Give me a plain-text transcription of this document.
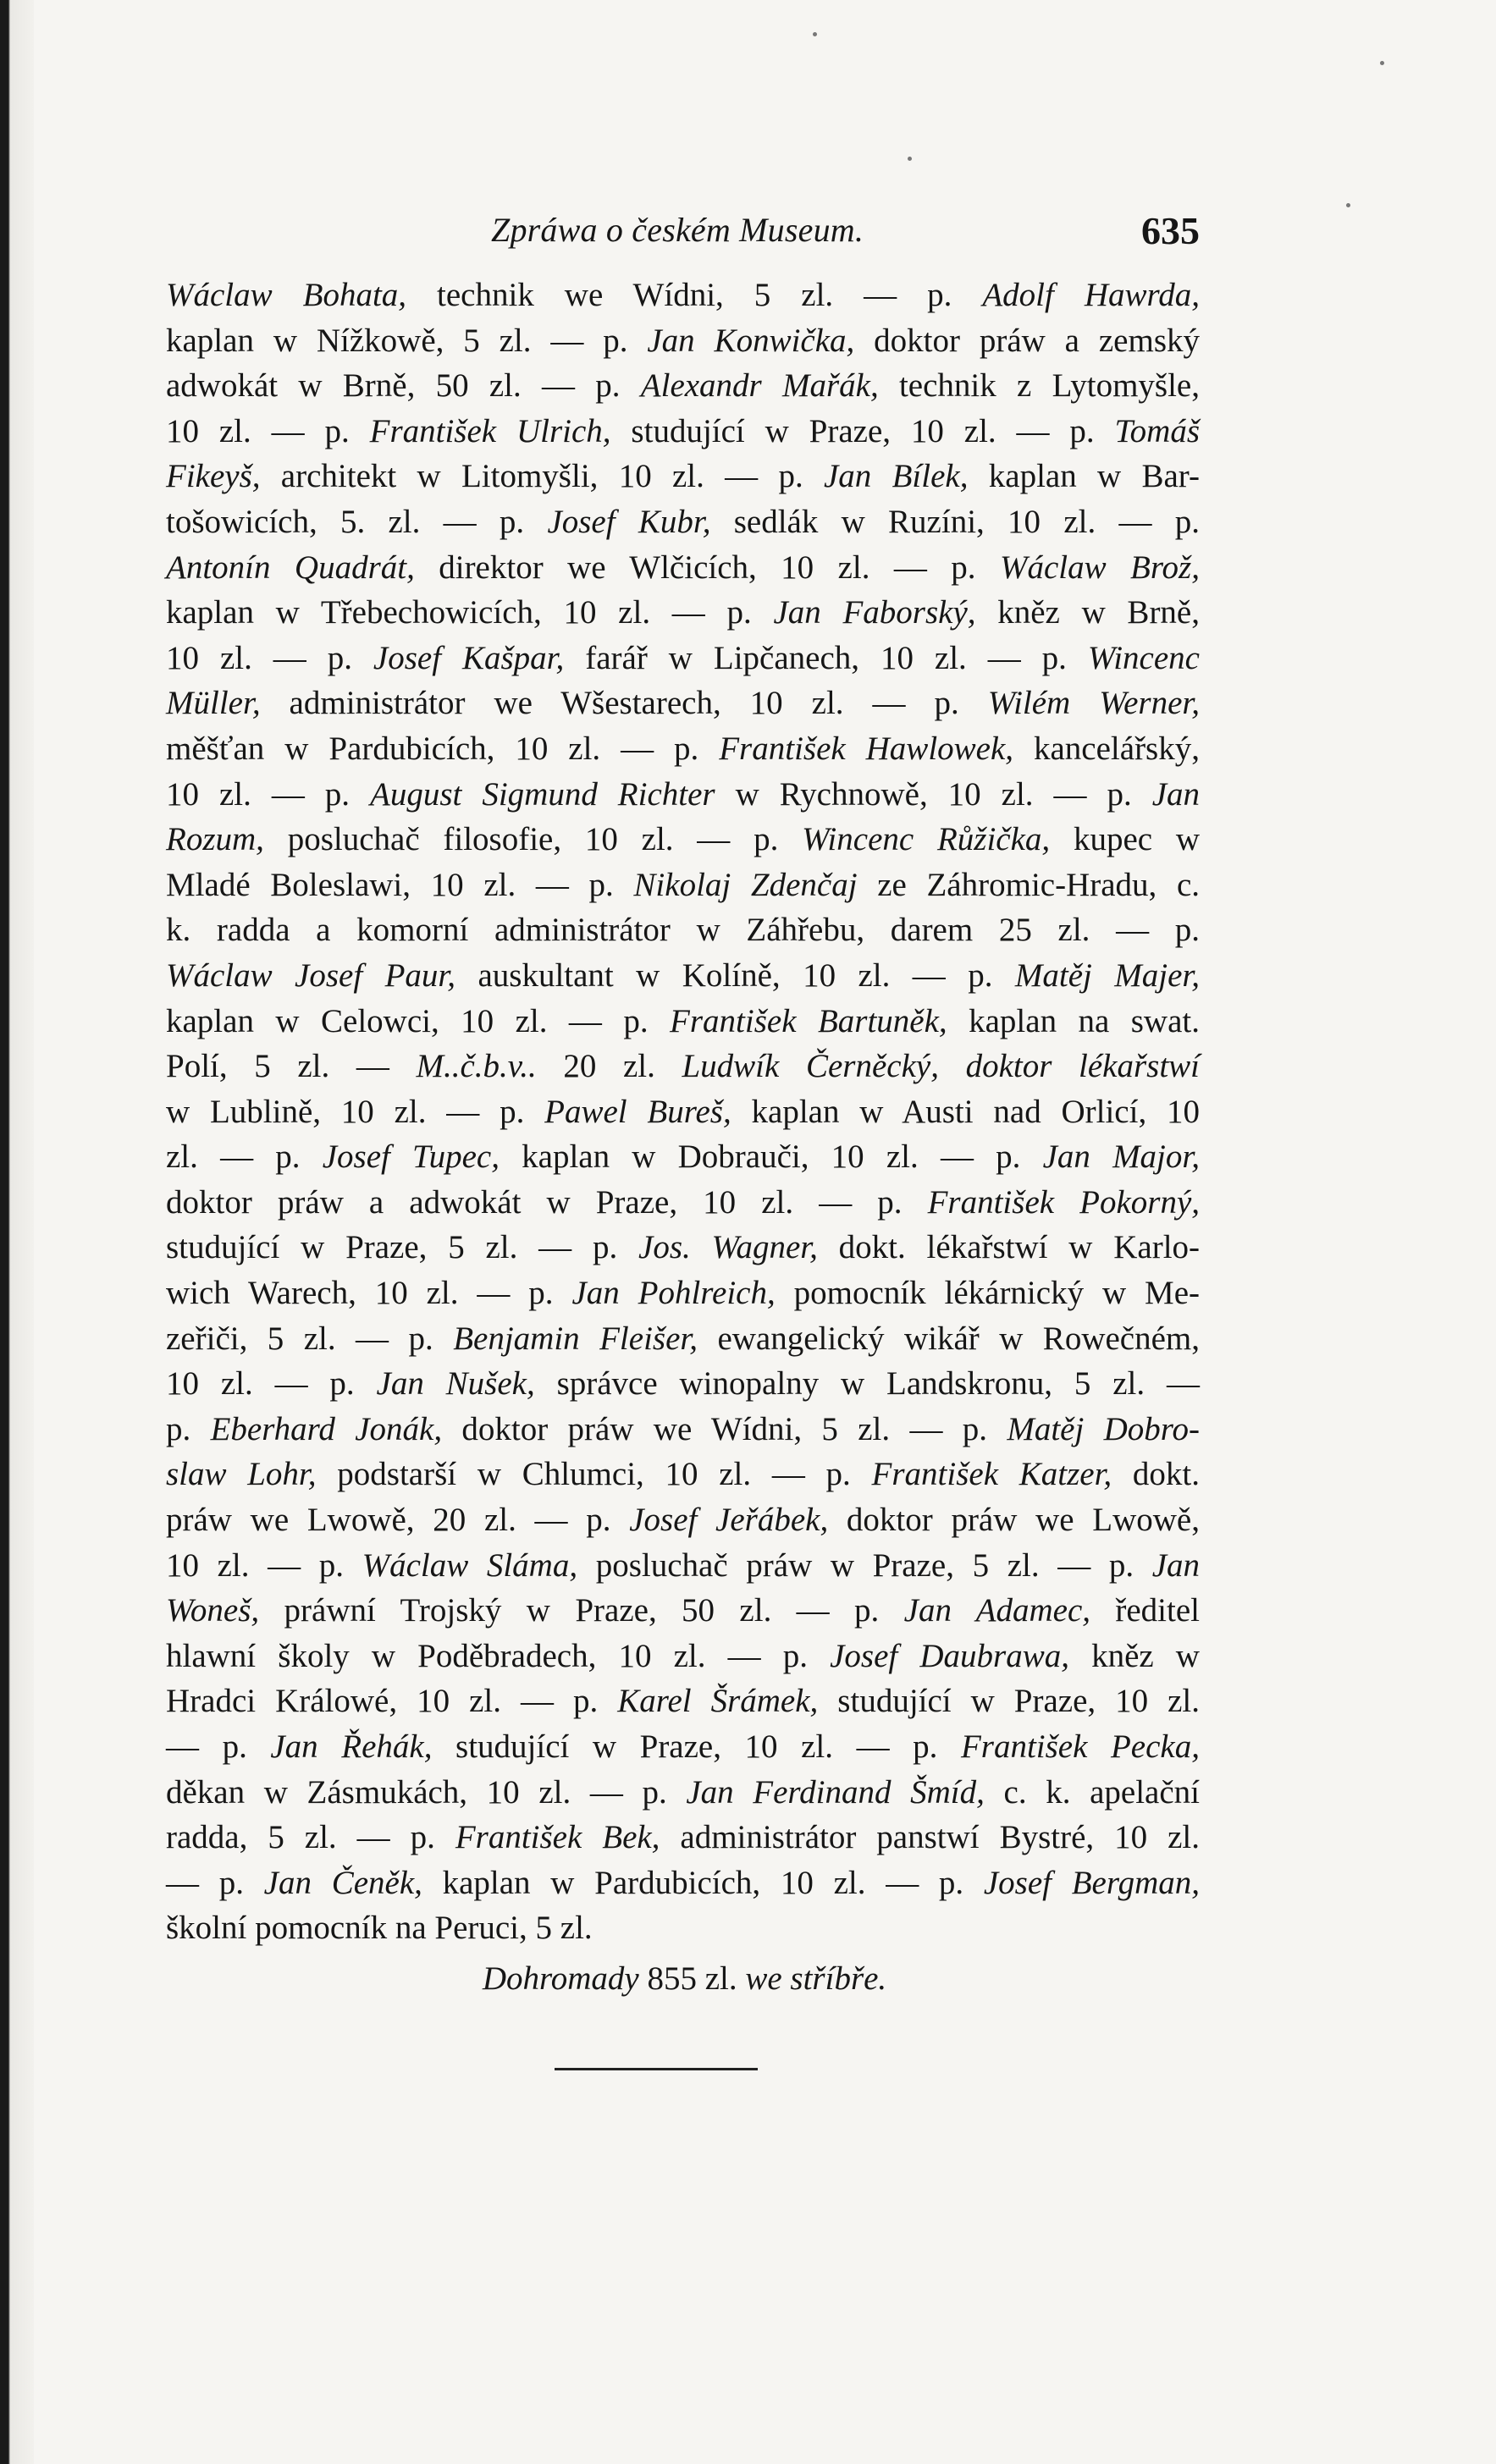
Zpráwa o českém Museum.	635
Wáclaw Bohata, technik we Wídni, 5 zl. — p. Adolf Hawrda,
kaplan w Nížkowě, 5 zl. — p. Jan Konwička, doktor práw a zemský
adwokát w Brně, 50 zl. — p. Alexandr Mařák, technik z Lytomyšle,
10 zl. — p. František Ulrich, studující w Praze, 10 zl. — p. Tomáš
Fikeyš, architekt w Litomyšli, 10 zl. — p. Jan Bílek, kaplan w Bar-
tošowicích, 5. zl. — p. Josef Kubr, sedlák w Ruzíni, 10 zl. — p.
Antonín Quadrát, direktor we Wlčicích, 10 zl. — p. Wáclaw Brož,
kaplan w Třebechowicích, 10 zl. — p. Jan Faborský, kněz w Brně,
10 zl. — p. Josef Kašpar, farář w Lipčanech, 10 zl. — p. Wincenc
Müller, administrátor we Wšestarech, 10 zl. — p. Wilém Werner,
měšťan w Pardubicích, 10 zl. — p. František Hawlowek, kancelářský,
10 zl. — p. August Sigmund Richter w Rychnowě, 10 zl. — p. Jan
Rozum, posluchač filosofie, 10 zl. — p. Wincenc Růžička, kupec w
Mladé Boleslawi, 10 zl. — p. Nikolaj Zdenčaj ze Záhromic-Hradu, c.
k. radda a komorní administrátor w Záhřebu, darem 25 zl. — p.
Wáclaw Josef Paur, auskultant w Kolíně, 10 zl. — p. Matěj Majer,
kaplan w Celowci, 10 zl. — p. František Bartuněk, kaplan na swat.
Polí, 5 zl. — M..č.b.v.. 20 zl. Ludwík Černěcký, doktor lékařstwí
w Lublině, 10 zl. — p. Pawel Bureš, kaplan w Austi nad Orlicí, 10
zl. — p. Josef Tupec, kaplan w Dobrauči, 10 zl. — p. Jan Major,
doktor práw a adwokát w Praze, 10 zl. — p. František Pokorný,
studující w Praze, 5 zl. — p. Jos. Wagner, dokt. lékařstwí w Karlo-
wich Warech, 10 zl. — p. Jan Pohlreich, pomocník lékárnický w Me-
zeřiči, 5 zl. — p. Benjamin Fleišer, ewangelický wikář w Rowečném,
10 zl. — p. Jan Nušek, správce winopalny w Landskronu, 5 zl. —
p. Eberhard Jonák, doktor práw we Wídni, 5 zl. — p. Matěj Dobro-
slaw Lohr, podstarší w Chlumci, 10 zl. — p. František Katzer, dokt.
práw we Lwowě, 20 zl. — p. Josef Jeřábek, doktor práw we Lwowě,
10 zl. — p. Wáclaw Sláma, posluchač práw w Praze, 5 zl. — p. Jan
Woneš, práwní Trojský w Praze, 50 zl. — p. Jan Adamec, ředitel
hlawní školy w Poděbradech, 10 zl. — p. Josef Daubrawa, kněz w
Hradci Králowé, 10 zl. — p. Karel Šrámek, studující w Praze, 10 zl.
— p. Jan Řehák, studující w Praze, 10 zl. — p. František Pecka,
děkan w Zásmukách, 10 zl. — p. Jan Ferdinand Šmíd, c. k. apelační
radda, 5 zl. — p. František Bek, administrátor panstwí Bystré, 10 zl.
— p. Jan Čeněk, kaplan w Pardubicích, 10 zl. — p. Josef Bergman,
školní pomocník na Peruci, 5 zl.
Dohromady 855 zl. we stříbře.
